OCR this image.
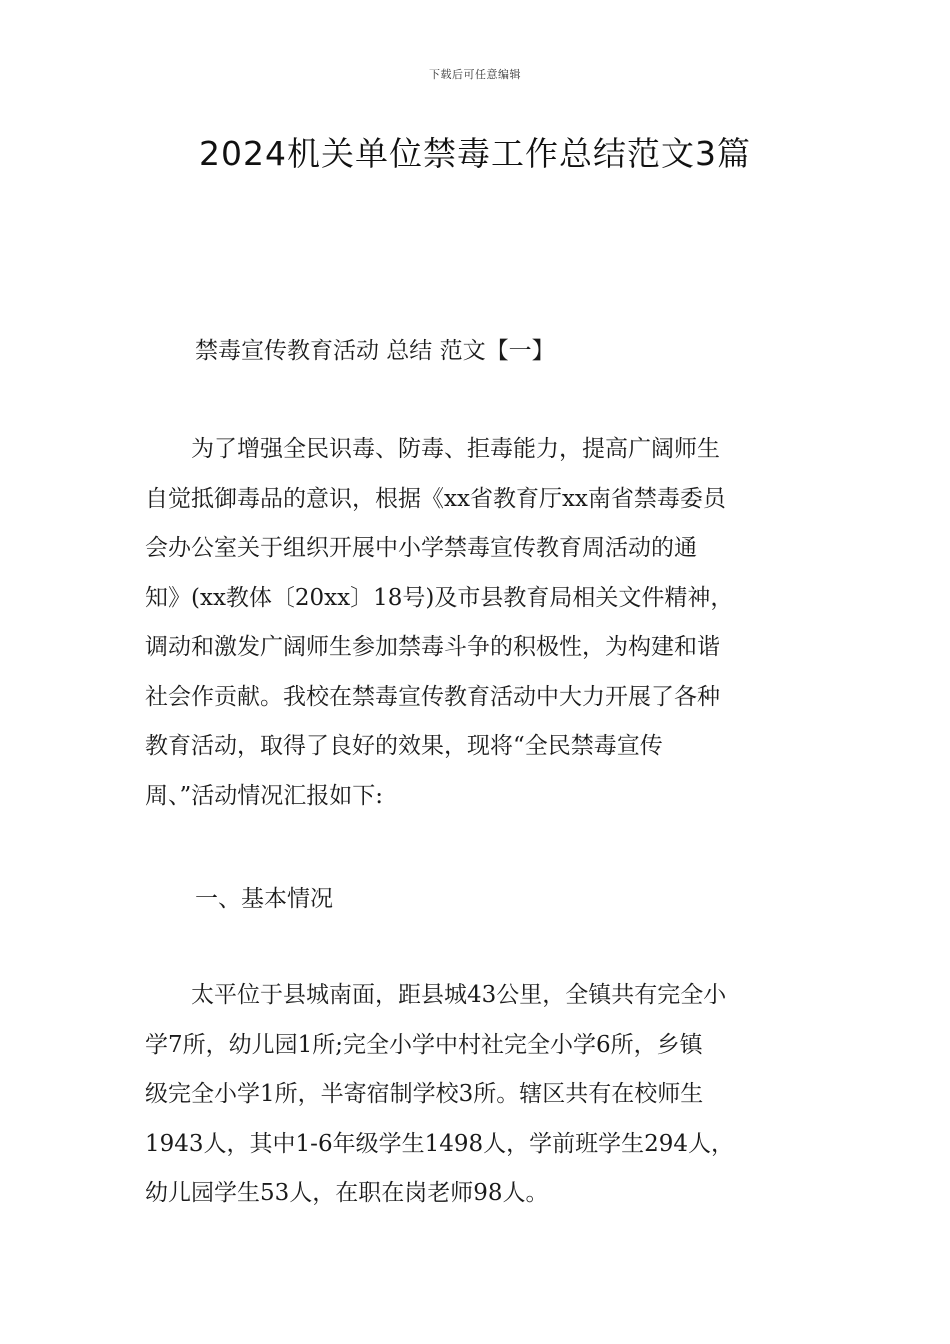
下载后可任意编辑
2024机关单位禁毒工作总结范文3篇
禁毒宣传教育活动 总结 范文【一】
　　为了增强全民识毒、防毒、拒毒能力，提高广阔师生
自觉抵御毒品的意识，根据《xx省教育厅xx南省禁毒委员
会办公室关于组织开展中小学禁毒宣传教育周活动的通
知》(xx教体〔20xx〕18号)及市县教育局相关文件精神，
调动和激发广阔师生参加禁毒斗争的积极性，为构建和谐
社会作贡献。我校在禁毒宣传教育活动中大力开展了各种
教育活动，取得了良好的效果，现将“全民禁毒宣传
周、”活动情况汇报如下:
一、基本情况
　　太平位于县城南面，距县城43公里，全镇共有完全小
学7所，幼儿园1所;完全小学中村社完全小学6所，乡镇
级完全小学1所，半寄宿制学校3所。辖区共有在校师生
1943人，其中1-6年级学生1498人，学前班学生294人，
幼儿园学生53人，在职在岗老师98人。
